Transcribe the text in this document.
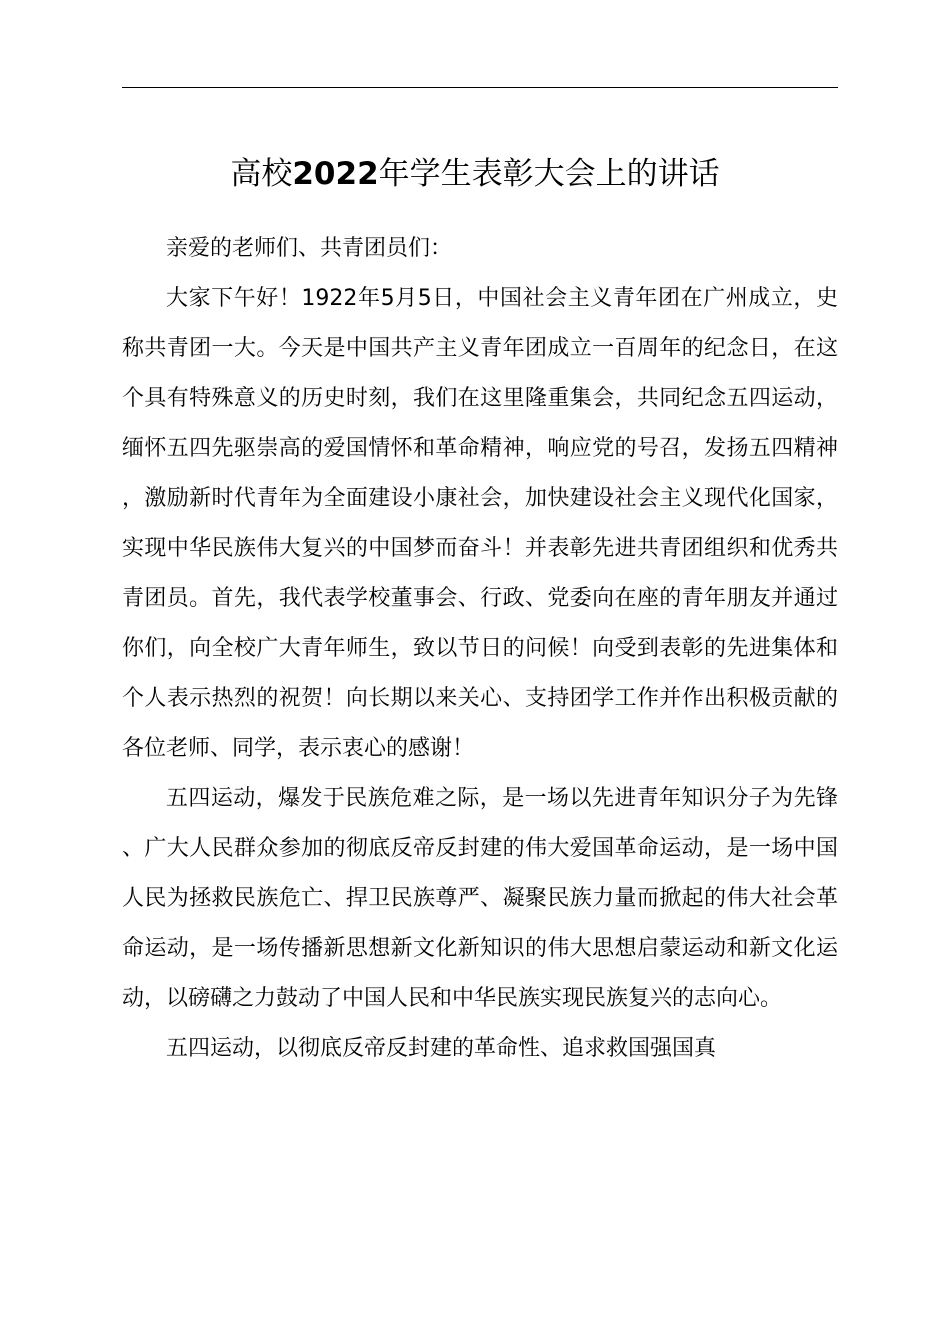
高校2022年学生表彰大会上的讲话

亲爱的老师们、共青团员们：

大家下午好！1922年5月5日，中国社会主义青年团在广州成立，史称共青团一大。今天是中国共产主义青年团成立一百周年的纪念日，在这个具有特殊意义的历史时刻，我们在这里隆重集会，共同纪念五四运动，缅怀五四先驱崇高的爱国情怀和革命精神，响应党的号召，发扬五四精神，激励新时代青年为全面建设小康社会，加快建设社会主义现代化国家，实现中华民族伟大复兴的中国梦而奋斗！并表彰先进共青团组织和优秀共青团员。首先，我代表学校董事会、行政、党委向在座的青年朋友并通过你们，向全校广大青年师生，致以节日的问候！向受到表彰的先进集体和个人表示热烈的祝贺！向长期以来关心、支持团学工作并作出积极贡献的各位老师、同学，表示衷心的感谢！

五四运动，爆发于民族危难之际，是一场以先进青年知识分子为先锋、广大人民群众参加的彻底反帝反封建的伟大爱国革命运动，是一场中国人民为拯救民族危亡、捍卫民族尊严、凝聚民族力量而掀起的伟大社会革命运动，是一场传播新思想新文化新知识的伟大思想启蒙运动和新文化运动，以磅礴之力鼓动了中国人民和中华民族实现民族复兴的志向心。

五四运动，以彻底反帝反封建的革命性、追求救国强国真
